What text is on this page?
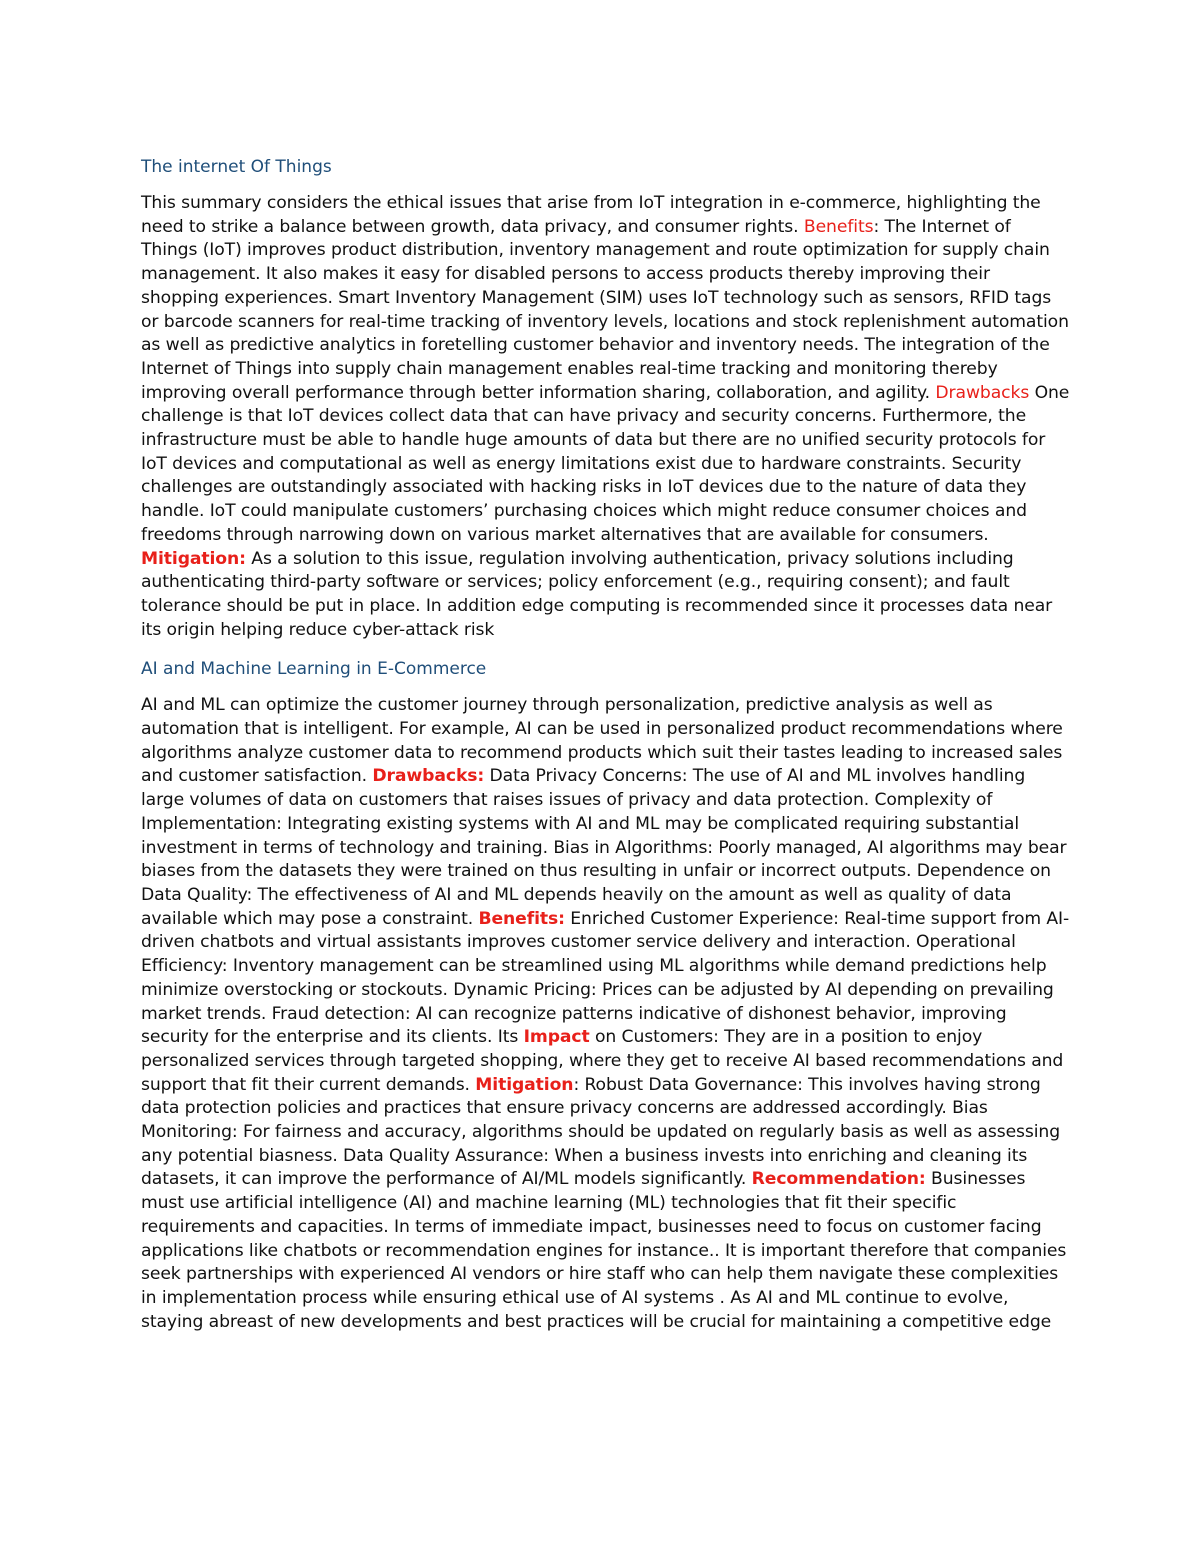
The internet Of Things

This summary considers the ethical issues that arise from IoT integration in e-commerce, highlighting the need to strike a balance between growth, data privacy, and consumer rights. Benefits: The Internet of Things (IoT) improves product distribution, inventory management and route optimization for supply chain management. It also makes it easy for disabled persons to access products thereby improving their shopping experiences. Smart Inventory Management (SIM) uses IoT technology such as sensors, RFID tags or barcode scanners for real-time tracking of inventory levels, locations and stock replenishment automation as well as predictive analytics in foretelling customer behavior and inventory needs. The integration of the Internet of Things into supply chain management enables real-time tracking and monitoring thereby improving overall performance through better information sharing, collaboration, and agility. Drawbacks One challenge is that IoT devices collect data that can have privacy and security concerns. Furthermore, the infrastructure must be able to handle huge amounts of data but there are no unified security protocols for IoT devices and computational as well as energy limitations exist due to hardware constraints. Security challenges are outstandingly associated with hacking risks in IoT devices due to the nature of data they handle. IoT could manipulate customers’ purchasing choices which might reduce consumer choices and freedoms through narrowing down on various market alternatives that are available for consumers. Mitigation: As a solution to this issue, regulation involving authentication, privacy solutions including authenticating third-party software or services; policy enforcement (e.g., requiring consent); and fault tolerance should be put in place. In addition edge computing is recommended since it processes data near its origin helping reduce cyber-attack risk

AI and Machine Learning in E-Commerce

AI and ML can optimize the customer journey through personalization, predictive analysis as well as automation that is intelligent. For example, AI can be used in personalized product recommendations where algorithms analyze customer data to recommend products which suit their tastes leading to increased sales and customer satisfaction. Drawbacks: Data Privacy Concerns: The use of AI and ML involves handling large volumes of data on customers that raises issues of privacy and data protection. Complexity of Implementation: Integrating existing systems with AI and ML may be complicated requiring substantial investment in terms of technology and training. Bias in Algorithms: Poorly managed, AI algorithms may bear biases from the datasets they were trained on thus resulting in unfair or incorrect outputs. Dependence on Data Quality: The effectiveness of AI and ML depends heavily on the amount as well as quality of data available which may pose a constraint. Benefits: Enriched Customer Experience: Real-time support from AI-driven chatbots and virtual assistants improves customer service delivery and interaction. Operational Efficiency: Inventory management can be streamlined using ML algorithms while demand predictions help minimize overstocking or stockouts. Dynamic Pricing: Prices can be adjusted by AI depending on prevailing market trends. Fraud detection: AI can recognize patterns indicative of dishonest behavior, improving security for the enterprise and its clients. Its Impact on Customers: They are in a position to enjoy personalized services through targeted shopping, where they get to receive AI based recommendations and support that fit their current demands. Mitigation: Robust Data Governance: This involves having strong data protection policies and practices that ensure privacy concerns are addressed accordingly. Bias Monitoring: For fairness and accuracy, algorithms should be updated on regularly basis as well as assessing any potential biasness. Data Quality Assurance: When a business invests into enriching and cleaning its datasets, it can improve the performance of AI/ML models significantly. Recommendation: Businesses must use artificial intelligence (AI) and machine learning (ML) technologies that fit their specific requirements and capacities. In terms of immediate impact, businesses need to focus on customer facing applications like chatbots or recommendation engines for instance.. It is important therefore that companies seek partnerships with experienced AI vendors or hire staff who can help them navigate these complexities in implementation process while ensuring ethical use of AI systems . As AI and ML continue to evolve, staying abreast of new developments and best practices will be crucial for maintaining a competitive edge
